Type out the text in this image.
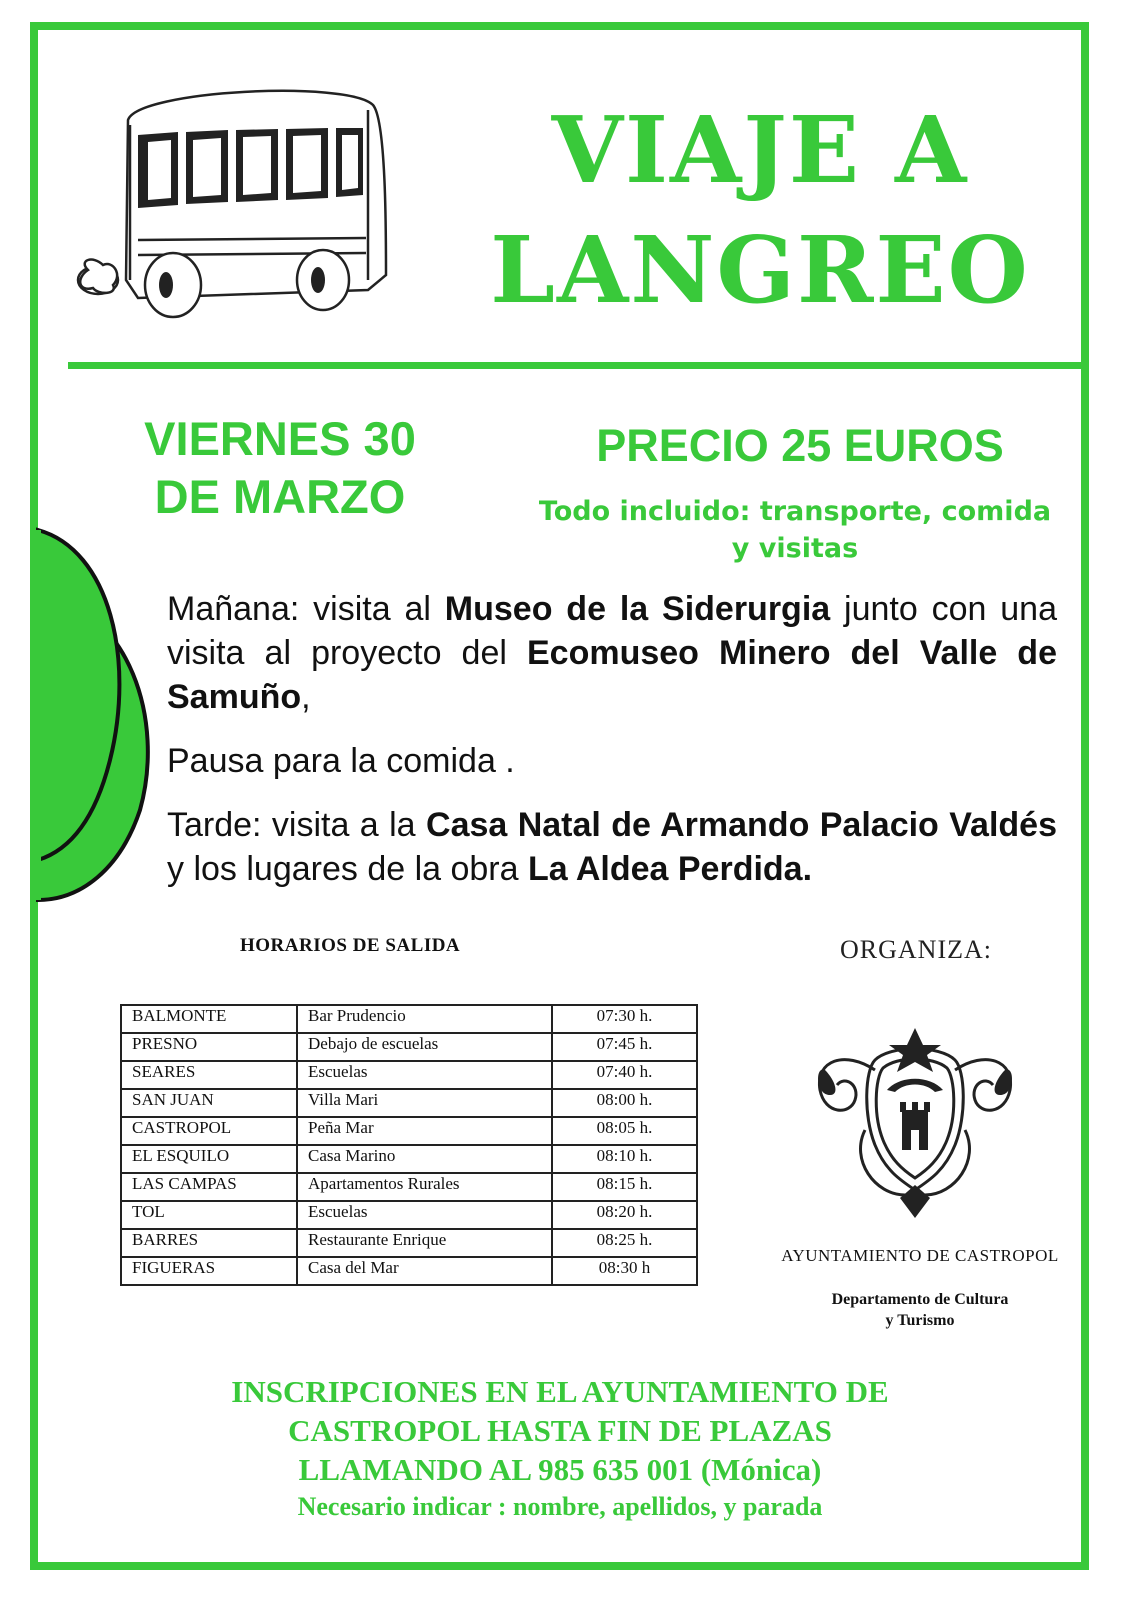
VIAJE A
LANGREO
VIERNES 30
DE MARZO
PRECIO 25 EUROS
Todo incluido: transporte, comida
y visitas

Mañana: visita al Museo de la Siderurgia junto con una visita al proyecto del Ecomuseo Minero del Valle de Samuño,

Pausa para la comida .

Tarde: visita a la Casa Natal de Armando Palacio Valdés y los lugares de la obra La Aldea Perdida.

HORARIOS DE SALIDA
BALMONTE	Bar Prudencio	07:30 h.
PRESNO	Debajo de escuelas	07:45 h.
SEARES	Escuelas	07:40 h.
SAN JUAN	Villa Mari	08:00 h.
CASTROPOL	Peña Mar	08:05 h.
EL ESQUILO	Casa Marino	08:10 h.
LAS CAMPAS	Apartamentos Rurales	08:15 h.
TOL	Escuelas	08:20 h.
BARRES	Restaurante Enrique	08:25 h.
FIGUERAS	Casa del Mar	08:30 h
ORGANIZA:
AYUNTAMIENTO DE CASTROPOL
Departamento de Cultura
y Turismo
INSCRIPCIONES EN EL AYUNTAMIENTO DE
CASTROPOL HASTA FIN DE PLAZAS
LLAMANDO AL 985 635 001 (Mónica)
Necesario indicar : nombre, apellidos, y parada
